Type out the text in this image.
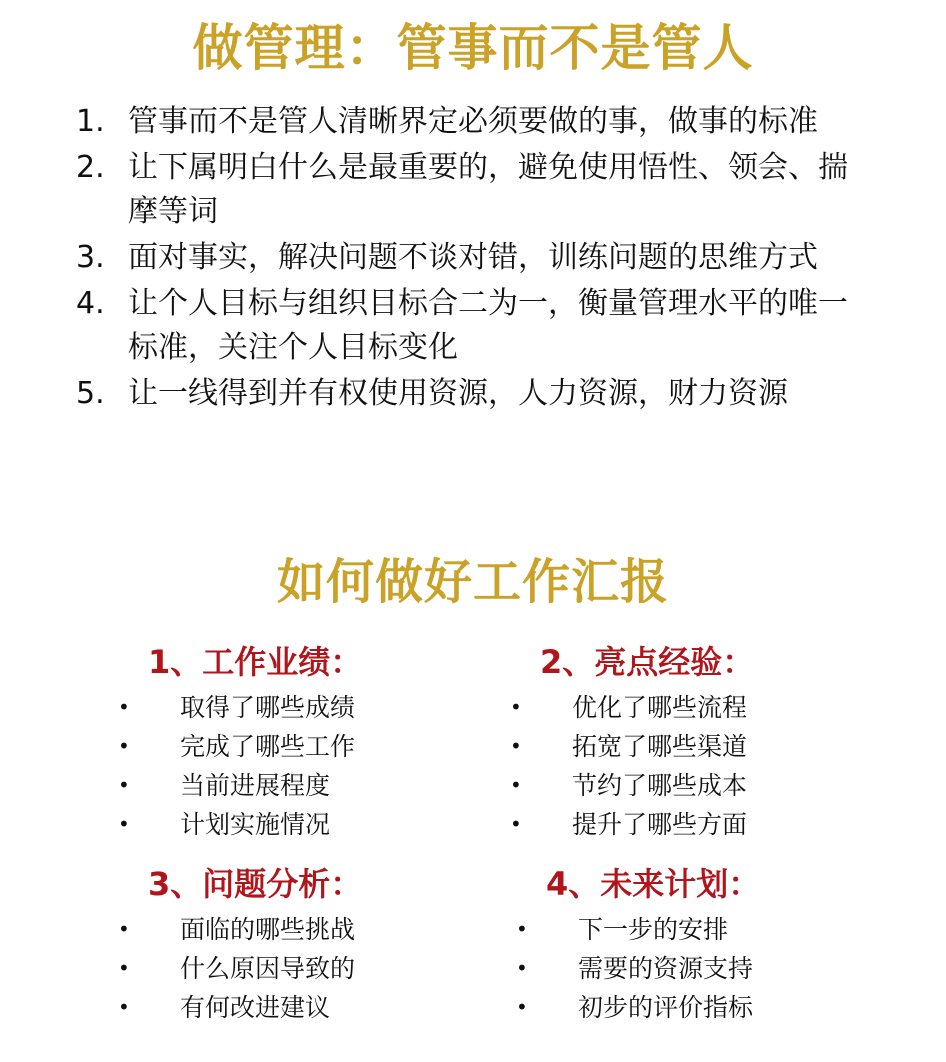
做管理：管事而不是管人
1. 管事而不是管人清晰界定必须要做的事，做事的标准
2. 让下属明白什么是最重要的，避免使用悟性、领会、揣摩等词
3. 面对事实，解决问题不谈对错，训练问题的思维方式
4. 让个人目标与组织目标合二为一，衡量管理水平的唯一标准，关注个人目标变化
5. 让一线得到并有权使用资源，人力资源，财力资源
如何做好工作汇报
1、工作业绩：
•	取得了哪些成绩
•	完成了哪些工作
•	当前进展程度
•	计划实施情况
2、亮点经验：
•	优化了哪些流程
•	拓宽了哪些渠道
•	节约了哪些成本
•	提升了哪些方面
3、问题分析：
•	面临的哪些挑战
•	什么原因导致的
•	有何改进建议
4、未来计划：
•	下一步的安排
•	需要的资源支持
•	初步的评价指标
